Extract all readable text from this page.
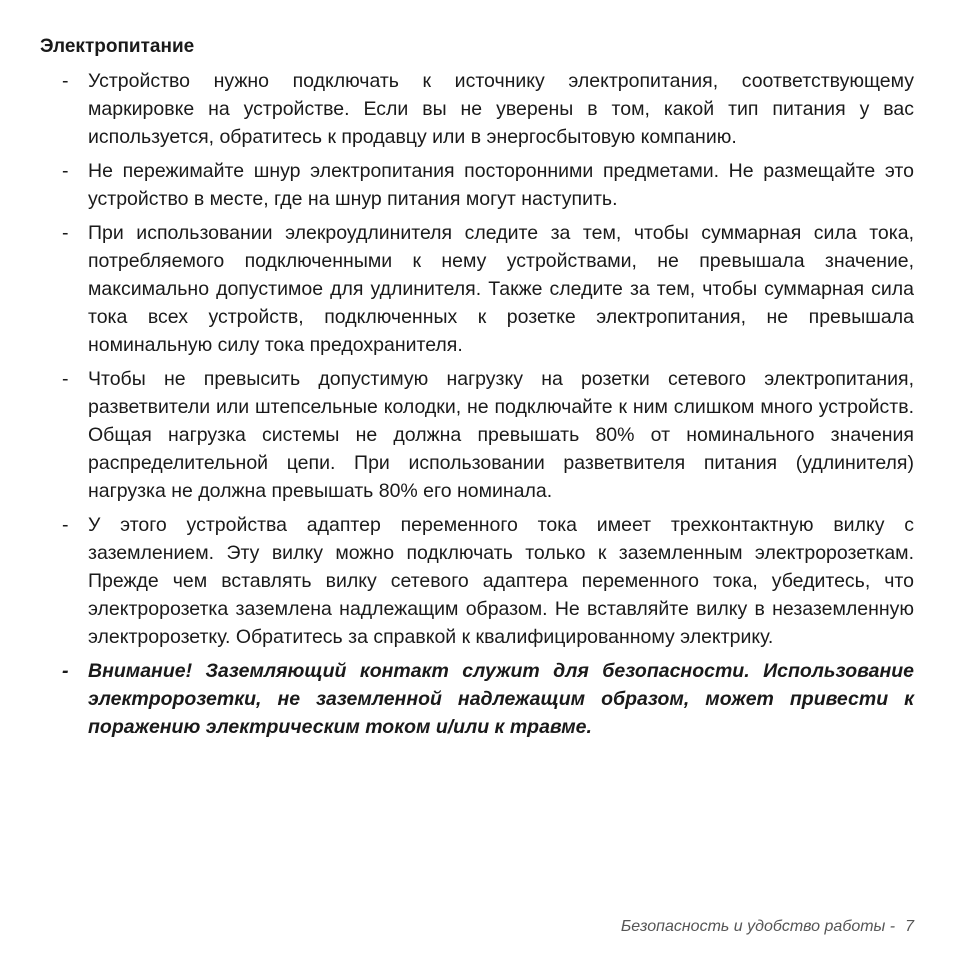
Электропитание
- Устройство нужно подключать к источнику электропитания, соответствующему маркировке на устройстве. Если вы не уверены в том, какой тип питания у вас используется, обратитесь к продавцу или в энергосбытовую компанию.
- Не пережимайте шнур электропитания посторонними предметами. Не размещайте это устройство в месте, где на шнур питания могут наступить.
- При использовании элекроудлинителя следите за тем, чтобы суммарная сила тока, потребляемого подключенными к нему устройствами, не превышала значение, максимально допустимое для удлинителя. Также следите за тем, чтобы суммарная сила тока всех устройств, подключенных к розетке электропитания, не превышала номинальную силу тока предохранителя.
- Чтобы не превысить допустимую нагрузку на розетки сетевого электропитания, разветвители или штепсельные колодки, не подключайте к ним слишком много устройств. Общая нагрузка системы не должна превышать 80% от номинального значения распределительной цепи. При использовании разветвителя питания (удлинителя) нагрузка не должна превышать 80% его номинала.
- У этого устройства адаптер переменного тока имеет трехконтактную вилку с заземлением. Эту вилку можно подключать только к заземленным электророзеткам. Прежде чем вставлять вилку сетевого адаптера переменного тока, убедитесь, что электророзетка заземлена надлежащим образом. Не вставляйте вилку в незаземленную электророзетку. Обратитесь за справкой к квалифицированному электрику.
- Внимание! Заземляющий контакт служит для безопасности. Использование электророзетки, не заземленной надлежащим образом, может привести к поражению электрическим током и/или к травме.
Безопасность и удобство работы - 7
